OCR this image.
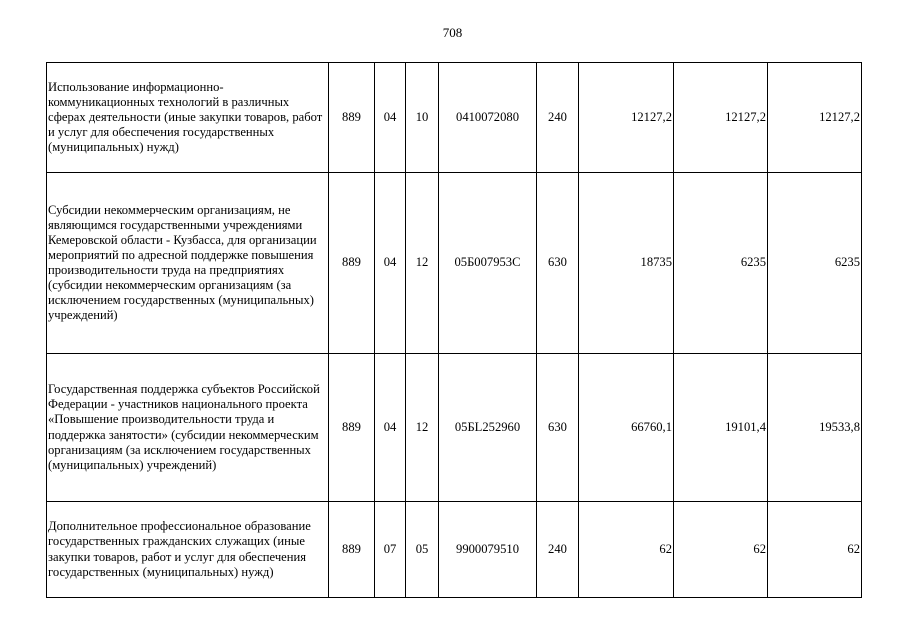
708
Использование информационно-коммуникационных технологий в различных сферах деятельности (иные закупки товаров, работ и услуг для обеспечения государственных (муниципальных) нужд)	889	04	10	0410072080	240	12127,2	12127,2	12127,2
Субсидии некоммерческим организациям, не являющимся государственными учреждениями Кемеровской области - Кузбасса, для организации мероприятий по адресной поддержке повышения производительности труда на предприятиях (субсидии некоммерческим организациям (за исключением государственных (муниципальных) учреждений)	889	04	12	05Б007953С	630	18735	6235	6235
Государственная поддержка субъектов Российской Федерации - участников национального проекта «Повышение производительности труда и поддержка занятости» (субсидии некоммерческим организациям (за исключением государственных (муниципальных) учреждений)	889	04	12	05БL252960	630	66760,1	19101,4	19533,8
Дополнительное профессиональное образование государственных гражданских служащих (иные закупки товаров, работ и услуг для обеспечения государственных (муниципальных) нужд)	889	07	05	9900079510	240	62	62	62
